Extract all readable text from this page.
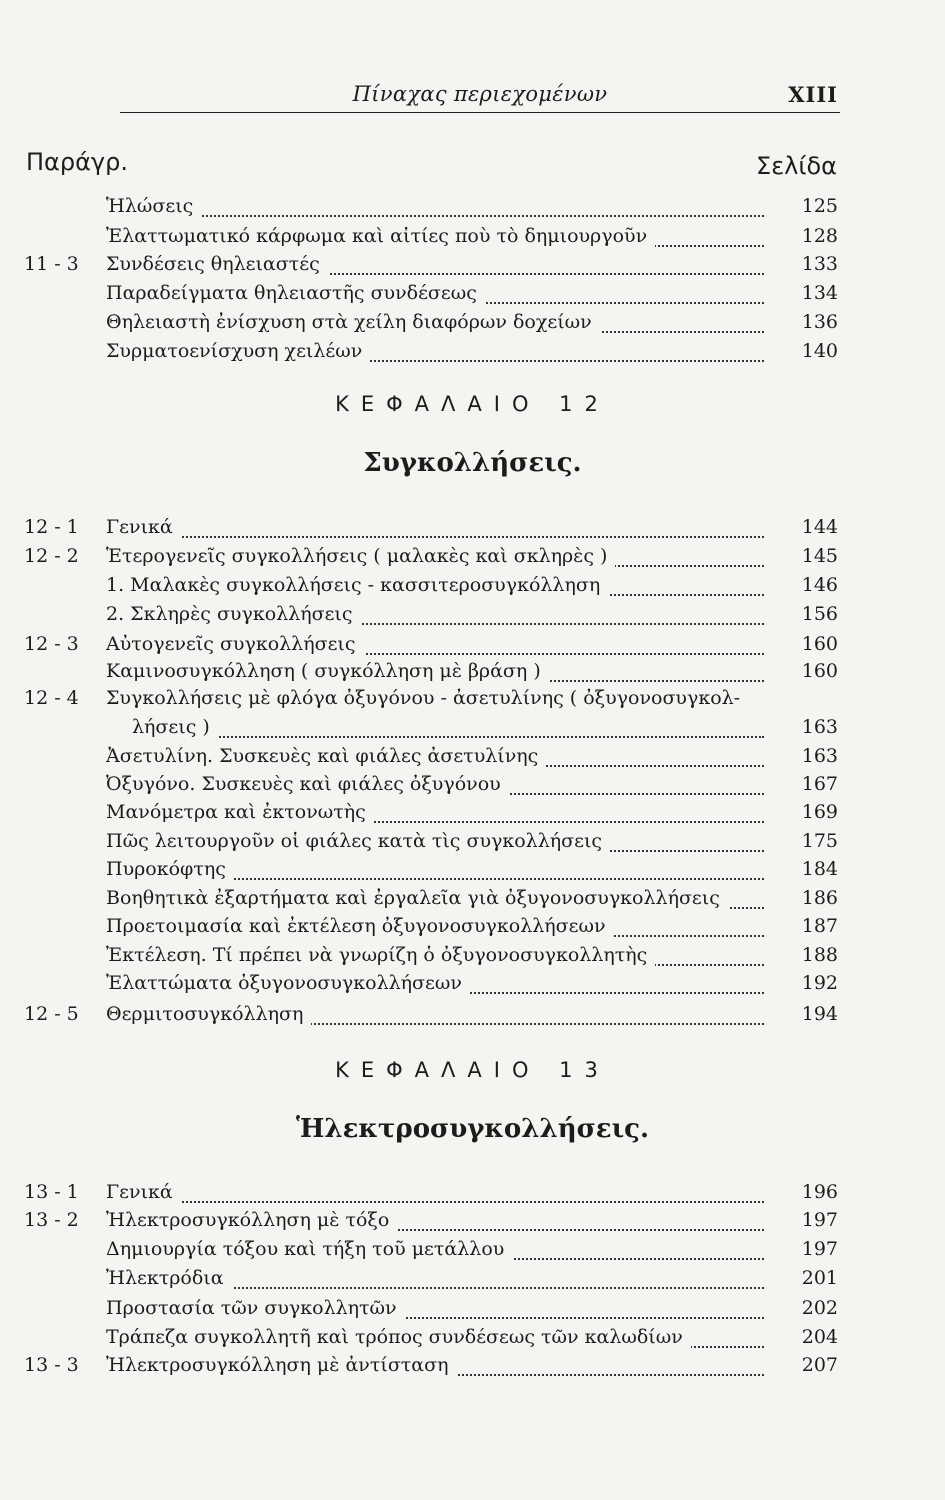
Πίναχας περιεχομένων	XIII
Παράγρ.	Σελίδα
Ἡλώσεις	125
Ἐλαττωματικό κάρφωμα καὶ αἰτίες ποὺ τὸ δημιουργοῦν	128
11 - 3 Συνδέσεις θηλειαστές	133
Παραδείγματα θηλειαστῆς συνδέσεως	134
Θηλειαστὴ ἐνίσχυση στὰ χείλη διαφόρων δοχείων	136
Συρματοενίσχυση χειλέων	140
ΚΕΦΑΛΑΙΟ 12
Συγκολλήσεις.
12 - 1 Γενικά	144
12 - 2 Ἑτερογενεῖς συγκολλήσεις ( μαλακὲς καὶ σκληρὲς )	145
1. Μαλακὲς συγκολλήσεις - κασσιτεροσυγκόλληση	146
2. Σκληρὲς συγκολλήσεις	156
12 - 3 Αὐτογενεῖς συγκολλήσεις	160
Καμινοσυγκόλληση ( συγκόλληση μὲ βράση )	160
12 - 4 Συγκολλήσεις μὲ φλόγα ὀξυγόνου - ἀσετυλίνης ( ὀξυγονοσυγκολ-
λήσεις )	163
Ἀσετυλίνη. Συσκευὲς καὶ φιάλες ἀσετυλίνης	163
Ὀξυγόνο. Συσκευὲς καὶ φιάλες ὀξυγόνου	167
Μανόμετρα καὶ ἐκτονωτὴς	169
Πῶς λειτουργοῦν οἱ φιάλες κατὰ τὶς συγκολλήσεις	175
Πυροκόφτης	184
Βοηθητικὰ ἐξαρτήματα καὶ ἐργαλεῖα γιὰ ὀξυγονοσυγκολλήσεις	186
Προετοιμασία καὶ ἐκτέλεση ὀξυγονοσυγκολλήσεων	187
Ἐκτέλεση. Τί πρέπει νὰ γνωρίζη ὁ ὀξυγονοσυγκολλητὴς	188
Ἐλαττώματα ὀξυγονοσυγκολλήσεων	192
12 - 5 Θερμιτοσυγκόλληση	194
ΚΕΦΑΛΑΙΟ 13
Ἡλεκτροσυγκολλήσεις.
13 - 1 Γενικά	196
13 - 2 Ἠλεκτροσυγκόλληση μὲ τόξο	197
Δημιουργία τόξου καὶ τήξη τοῦ μετάλλου	197
Ἠλεκτρόδια	201
Προστασία τῶν συγκολλητῶν	202
Τράπεζα συγκολλητῆ καὶ τρόπος συνδέσεως τῶν καλωδίων	204
13 - 3 Ἠλεκτροσυγκόλληση μὲ ἀντίσταση	207
